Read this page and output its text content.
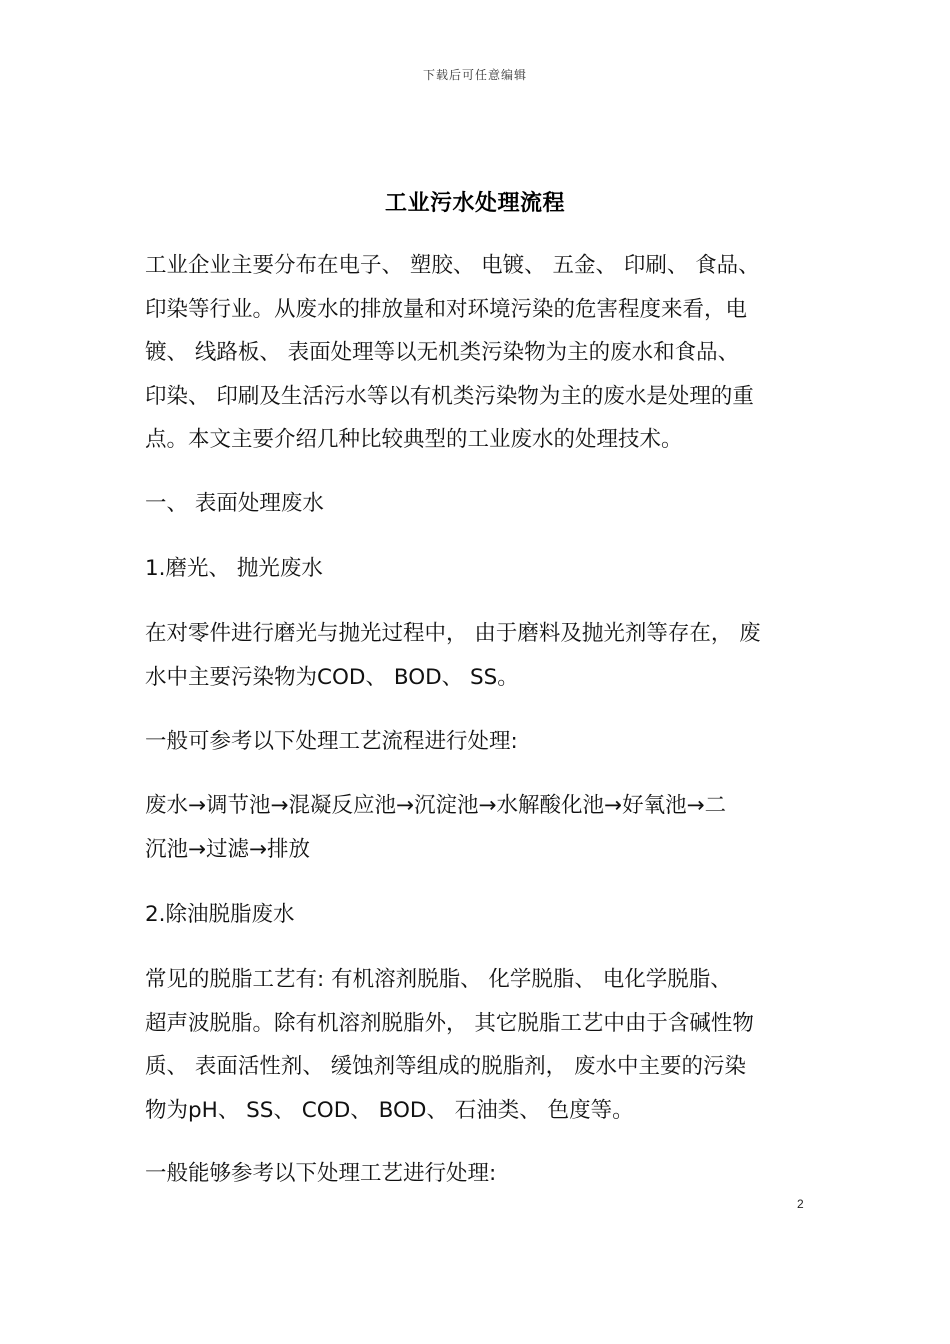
下载后可任意编辑
工业污水处理流程
工业企业主要分布在电子、 塑胶、 电镀、 五金、 印刷、 食品、
印染等行业。从废水的排放量和对环境污染的危害程度来看，电
镀、 线路板、 表面处理等以无机类污染物为主的废水和食品、
印染、 印刷及生活污水等以有机类污染物为主的废水是处理的重
点。本文主要介绍几种比较典型的工业废水的处理技术。
一、 表面处理废水
1.磨光、 抛光废水
在对零件进行磨光与抛光过程中， 由于磨料及抛光剂等存在， 废
水中主要污染物为COD、 BOD、 SS。
一般可参考以下处理工艺流程进行处理:
废水→调节池→混凝反应池→沉淀池→水解酸化池→好氧池→二
沉池→过滤→排放
2.除油脱脂废水
常见的脱脂工艺有: 有机溶剂脱脂、 化学脱脂、 电化学脱脂、
超声波脱脂。除有机溶剂脱脂外， 其它脱脂工艺中由于含碱性物
质、 表面活性剂、 缓蚀剂等组成的脱脂剂， 废水中主要的污染
物为pH、 SS、 COD、 BOD、 石油类、 色度等。
一般能够参考以下处理工艺进行处理:
2
